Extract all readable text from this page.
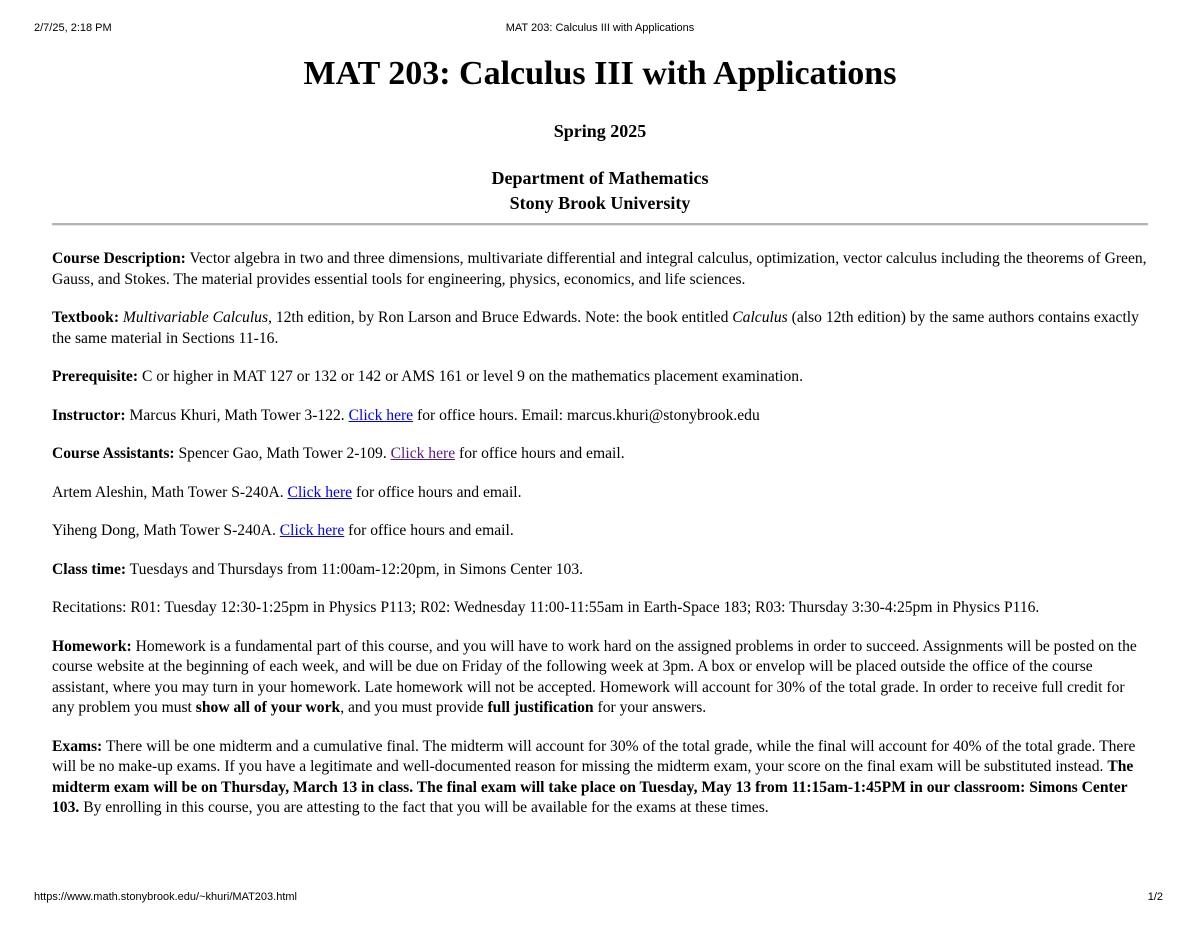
2/7/25, 2:18 PM	MAT 203: Calculus III with Applications
MAT 203: Calculus III with Applications
Spring 2025
Department of Mathematics
Stony Brook University

Course Description: Vector algebra in two and three dimensions, multivariate differential and integral calculus, optimization, vector calculus including the theorems of Green, Gauss, and Stokes. The material provides essential tools for engineering, physics, economics, and life sciences.

Textbook: Multivariable Calculus, 12th edition, by Ron Larson and Bruce Edwards. Note: the book entitled Calculus (also 12th edition) by the same authors contains exactly the same material in Sections 11-16.

Prerequisite: C or higher in MAT 127 or 132 or 142 or AMS 161 or level 9 on the mathematics placement examination.

Instructor: Marcus Khuri, Math Tower 3-122. Click here for office hours. Email: marcus.khuri@stonybrook.edu

Course Assistants: Spencer Gao, Math Tower 2-109. Click here for office hours and email.

Artem Aleshin, Math Tower S-240A. Click here for office hours and email.

Yiheng Dong, Math Tower S-240A. Click here for office hours and email.

Class time: Tuesdays and Thursdays from 11:00am-12:20pm, in Simons Center 103.

Recitations: R01: Tuesday 12:30-1:25pm in Physics P113; R02: Wednesday 11:00-11:55am in Earth-Space 183; R03: Thursday 3:30-4:25pm in Physics P116.

Homework: Homework is a fundamental part of this course, and you will have to work hard on the assigned problems in order to succeed. Assignments will be posted on the course website at the beginning of each week, and will be due on Friday of the following week at 3pm. A box or envelop will be placed outside the office of the course assistant, where you may turn in your homework. Late homework will not be accepted. Homework will account for 30% of the total grade. In order to receive full credit for any problem you must show all of your work, and you must provide full justification for your answers.

Exams: There will be one midterm and a cumulative final. The midterm will account for 30% of the total grade, while the final will account for 40% of the total grade. There will be no make-up exams. If you have a legitimate and well-documented reason for missing the midterm exam, your score on the final exam will be substituted instead. The midterm exam will be on Thursday, March 13 in class. The final exam will take place on Tuesday, May 13 from 11:15am-1:45PM in our classroom: Simons Center 103. By enrolling in this course, you are attesting to the fact that you will be available for the exams at these times.

https://www.math.stonybrook.edu/~khuri/MAT203.html	1/2
